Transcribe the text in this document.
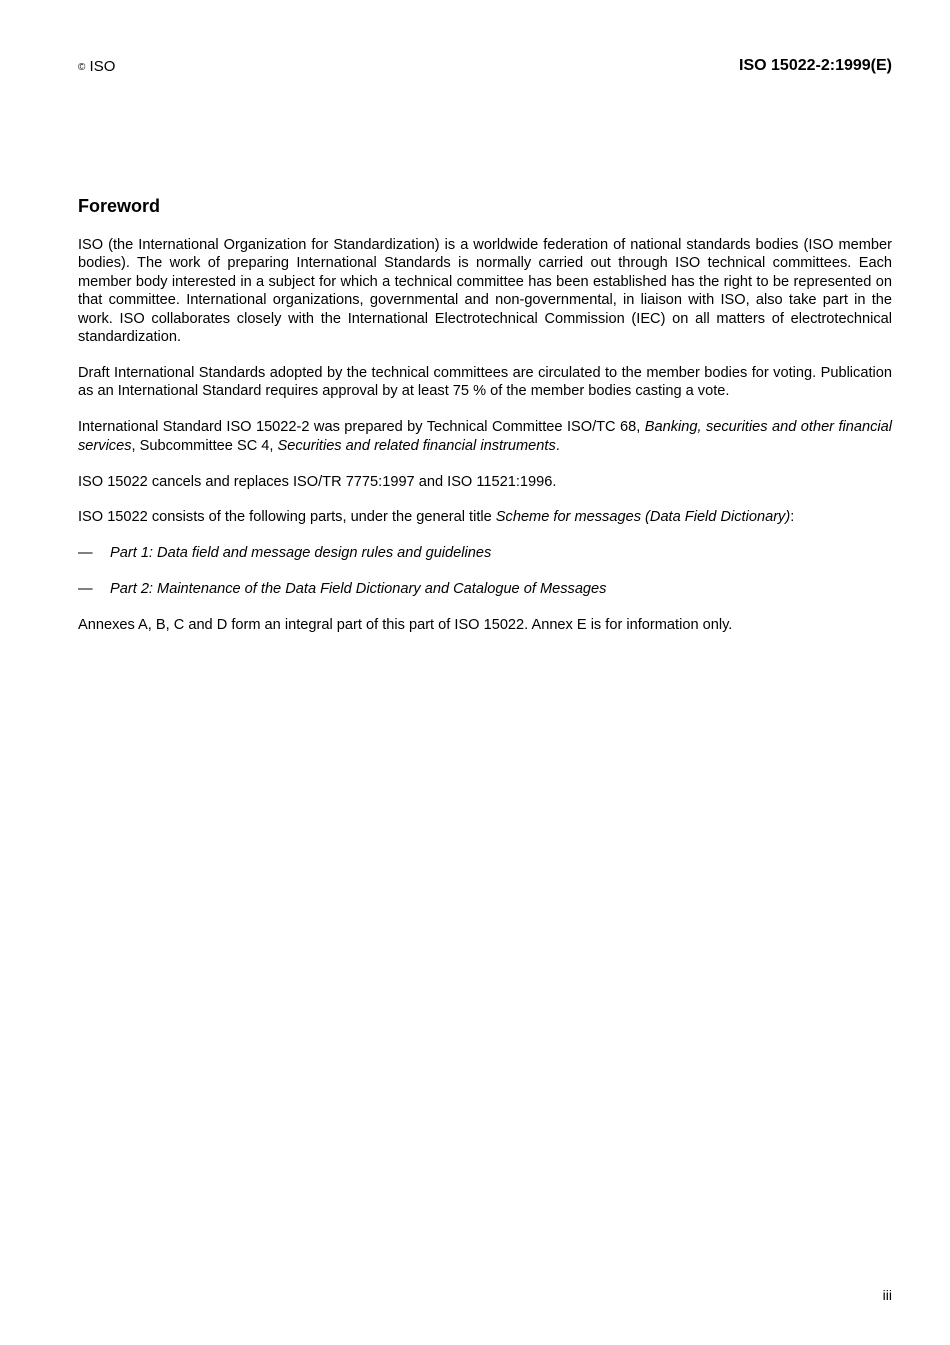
© ISO	ISO 15022-2:1999(E)
Foreword

ISO (the International Organization for Standardization) is a worldwide federation of national standards bodies (ISO member bodies). The work of preparing International Standards is normally carried out through ISO technical committees. Each member body interested in a subject for which a technical committee has been established has the right to be represented on that committee. International organizations, governmental and non-governmental, in liaison with ISO, also take part in the work. ISO collaborates closely with the International Electrotechnical Commission (IEC) on all matters of electrotechnical standardization.

Draft International Standards adopted by the technical committees are circulated to the member bodies for voting. Publication as an International Standard requires approval by at least 75 % of the member bodies casting a vote.

International Standard ISO 15022-2 was prepared by Technical Committee ISO/TC 68, Banking, securities and other financial services, Subcommittee SC 4, Securities and related financial instruments.

ISO 15022 cancels and replaces ISO/TR 7775:1997 and ISO 11521:1996.

ISO 15022 consists of the following parts, under the general title Scheme for messages (Data Field Dictionary):

—	Part 1: Data field and message design rules and guidelines
—	Part 2: Maintenance of the Data Field Dictionary and Catalogue of Messages

Annexes A, B, C and D form an integral part of this part of ISO 15022. Annex E is for information only.

iii
